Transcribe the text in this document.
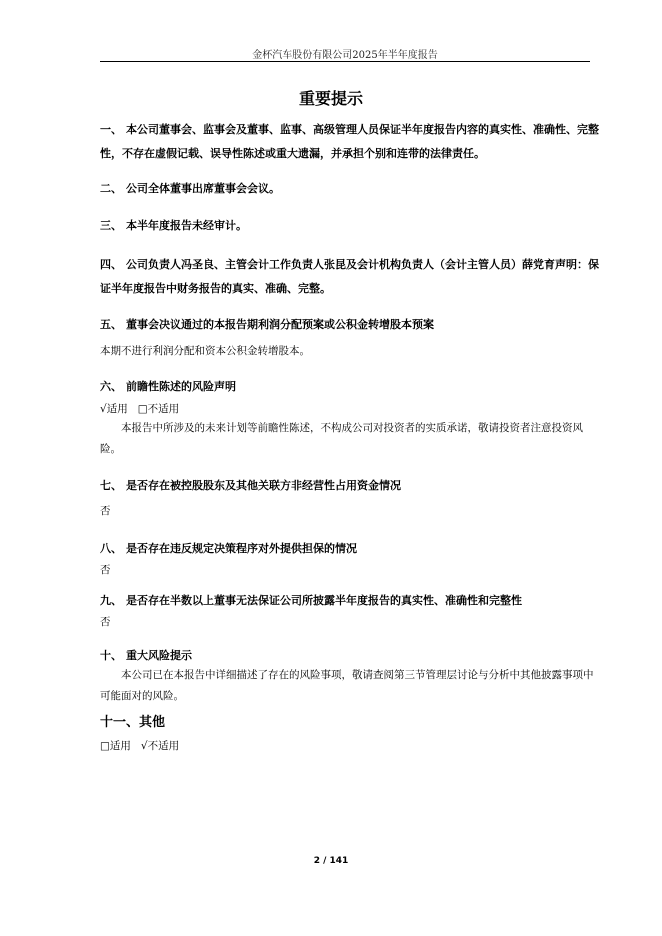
金杯汽车股份有限公司2025年半年度报告
重要提示

一、 本公司董事会、监事会及董事、监事、高级管理人员保证半年度报告内容的真实性、准确性、完整性，不存在虚假记载、误导性陈述或重大遗漏，并承担个别和连带的法律责任。

二、 公司全体董事出席董事会会议。

三、 本半年度报告未经审计。

四、 公司负责人冯圣良、主管会计工作负责人张昆及会计机构负责人（会计主管人员）薛党育声明：保证半年度报告中财务报告的真实、准确、完整。

五、 董事会决议通过的本报告期利润分配预案或公积金转增股本预案

本期不进行利润分配和资本公积金转增股本。

六、 前瞻性陈述的风险声明

√适用 □不适用

本报告中所涉及的未来计划等前瞻性陈述，不构成公司对投资者的实质承诺，敬请投资者注意投资风险。

七、 是否存在被控股股东及其他关联方非经营性占用资金情况

否

八、 是否存在违反规定决策程序对外提供担保的情况

否

九、 是否存在半数以上董事无法保证公司所披露半年度报告的真实性、准确性和完整性

否

十、 重大风险提示

本公司已在本报告中详细描述了存在的风险事项，敬请查阅第三节管理层讨论与分析中其他披露事项中可能面对的风险。

十一、其他

□适用 √不适用

2 / 141
